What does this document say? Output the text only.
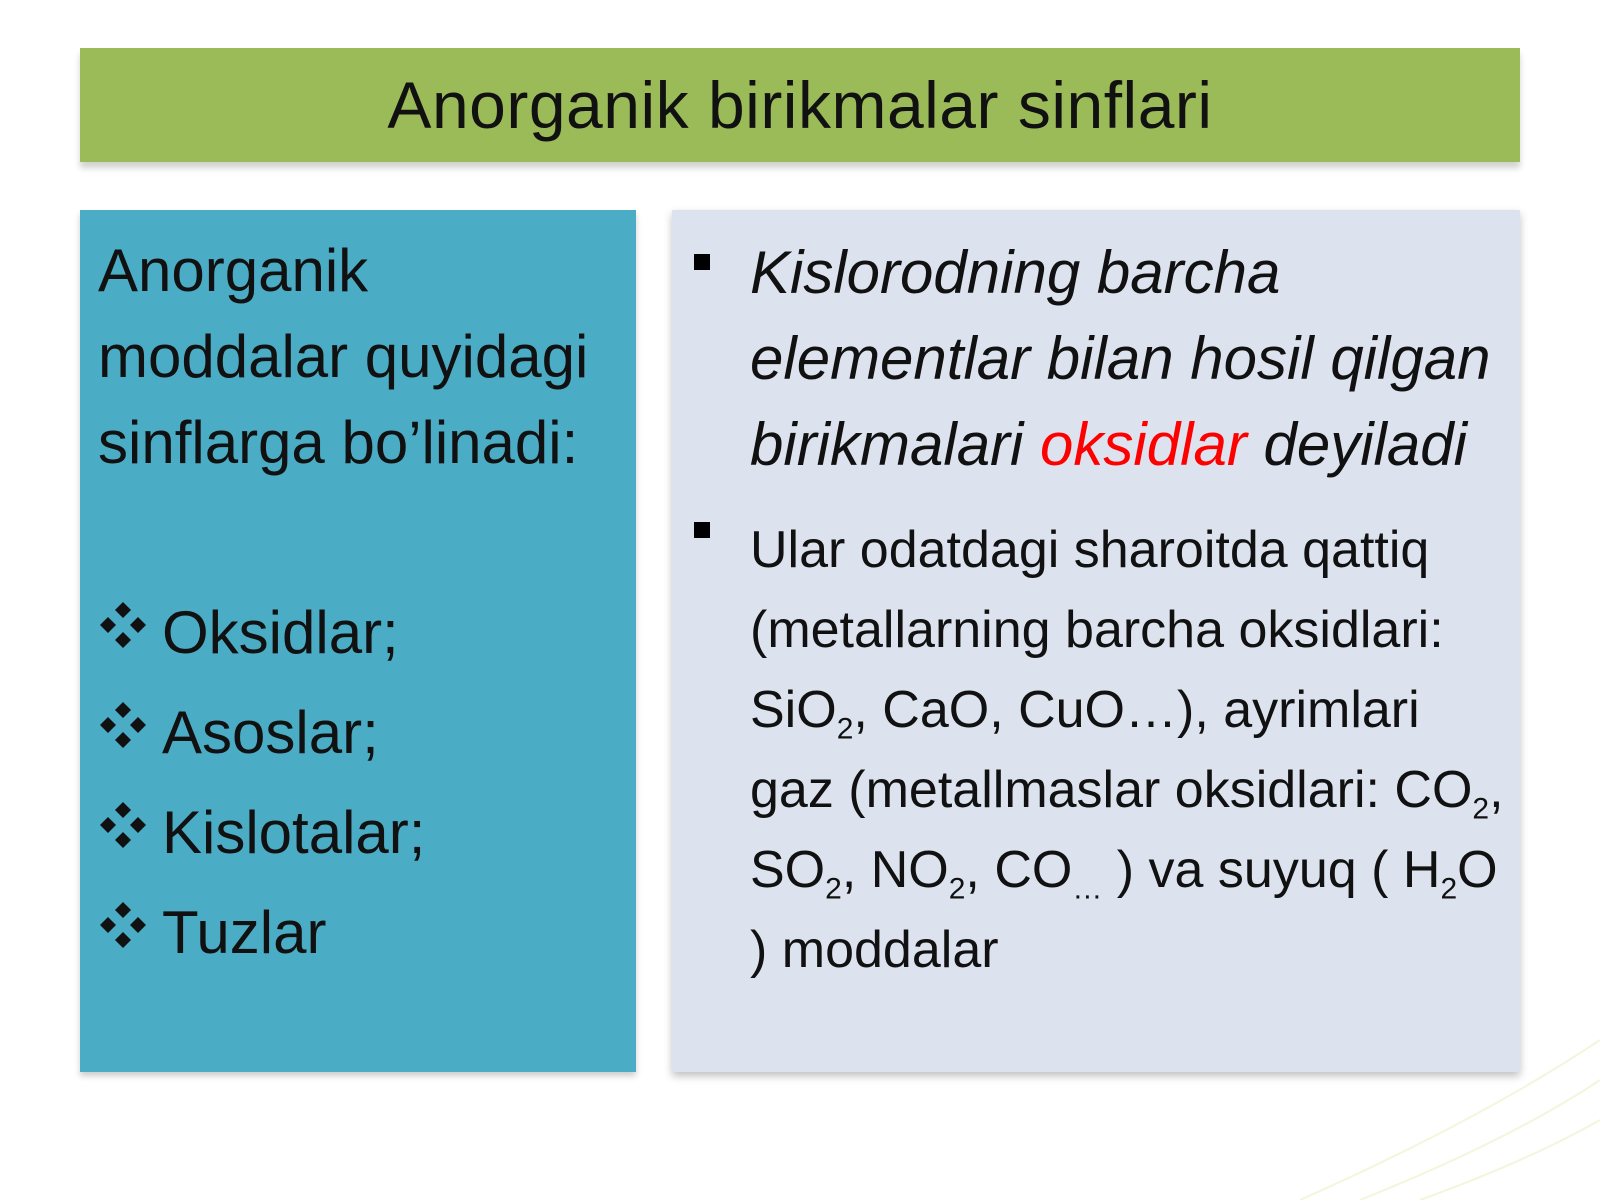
Anorganik birikmalar sinflari

Anorganik moddalar quyidagi sinflarga bo’linadi:

Oksidlar;
Asoslar;
Kislotalar;
Tuzlar
Kislorodning barcha elementlar bilan hosil qilgan birikmalari oksidlar deyiladi
Ular odatdagi sharoitda qattiq (metallarning barcha oksidlari: SiO$_2$, CaO, CuO…), ayrimlari gaz (metallmaslar oksidlari: $CO_2$, $SO_2$, $NO_2$, $CO_\dots$ ) va suyuq ( $H_2O$ ) moddalar
